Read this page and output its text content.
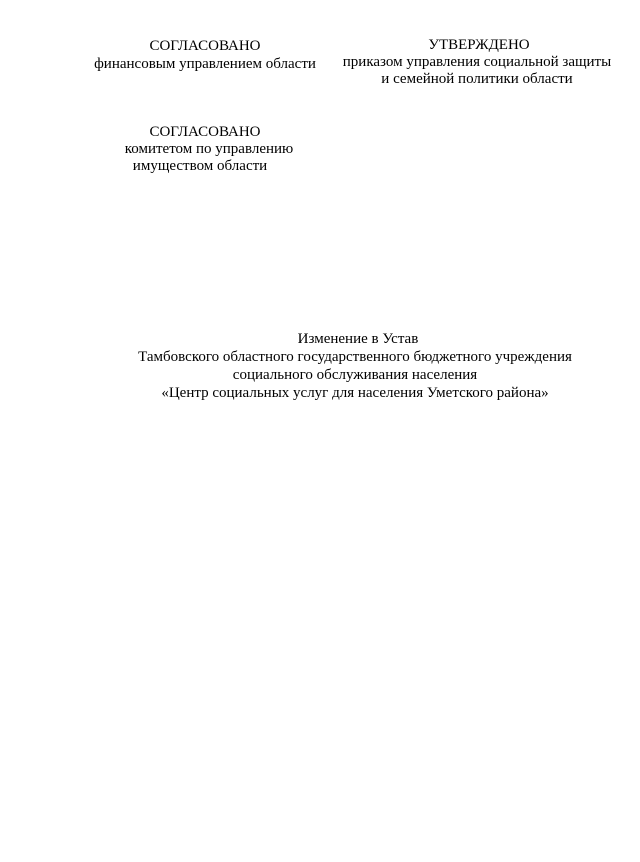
СОГЛАСОВАНО
финансовым управлением области
УТВЕРЖДЕНО
приказом управления социальной защиты
и семейной политики области
СОГЛАСОВАНО
комитетом по управлению
имуществом области
Изменение в Устав
Тамбовского областного государственного бюджетного учреждения
социального обслуживания населения
«Центр социальных услуг для населения Уметского района»
